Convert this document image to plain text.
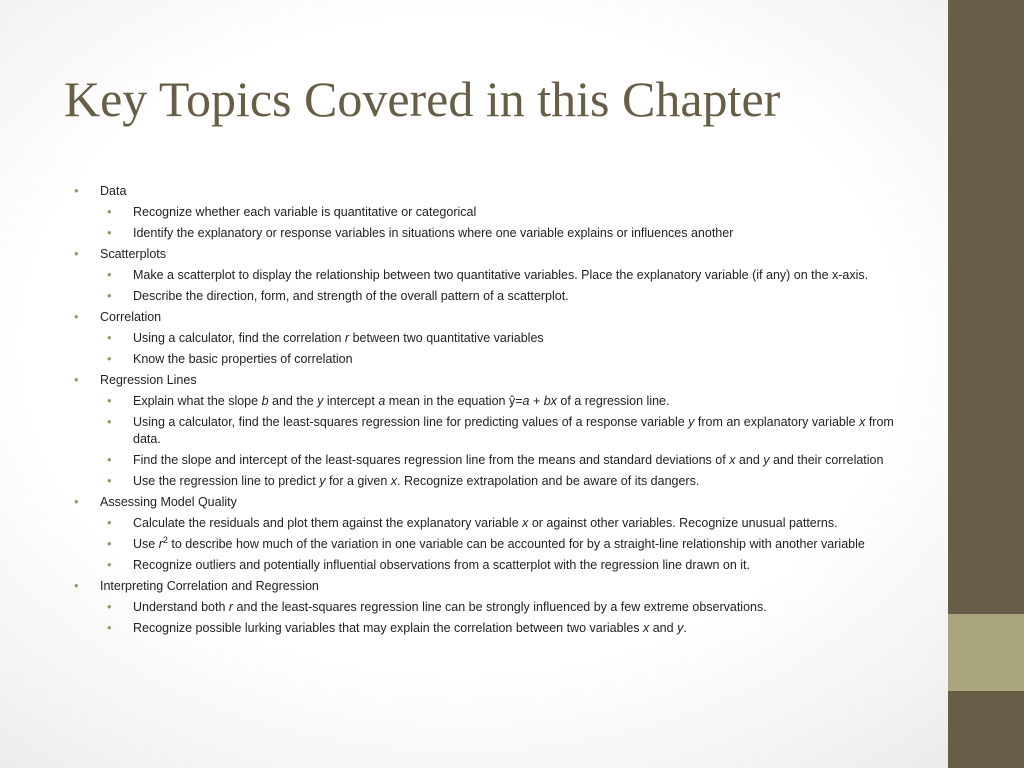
Key Topics Covered in this Chapter
• Data
• Recognize whether each variable is quantitative or categorical
• Identify the explanatory or response variables in situations where one variable explains or influences another
• Scatterplots
• Make a scatterplot to display the relationship between two quantitative variables. Place the explanatory variable (if any) on the x-axis.
• Describe the direction, form, and strength of the overall pattern of a scatterplot.
• Correlation
• Using a calculator, find the correlation r between two quantitative variables
• Know the basic properties of correlation
• Regression Lines
• Explain what the slope b and the y intercept a mean in the equation ŷ=a + bx of a regression line.
• Using a calculator, find the least-squares regression line for predicting values of a response variable y from an explanatory variable x from data.
• Find the slope and intercept of the least-squares regression line from the means and standard deviations of x and y and their correlation
• Use the regression line to predict y for a given x. Recognize extrapolation and be aware of its dangers.
• Assessing Model Quality
• Calculate the residuals and plot them against the explanatory variable x or against other variables. Recognize unusual patterns.
• Use $r^2$ to describe how much of the variation in one variable can be accounted for by a straight-line relationship with another variable
• Recognize outliers and potentially influential observations from a scatterplot with the regression line drawn on it.
• Interpreting Correlation and Regression
• Understand both r and the least-squares regression line can be strongly influenced by a few extreme observations.
• Recognize possible lurking variables that may explain the correlation between two variables x and y.
